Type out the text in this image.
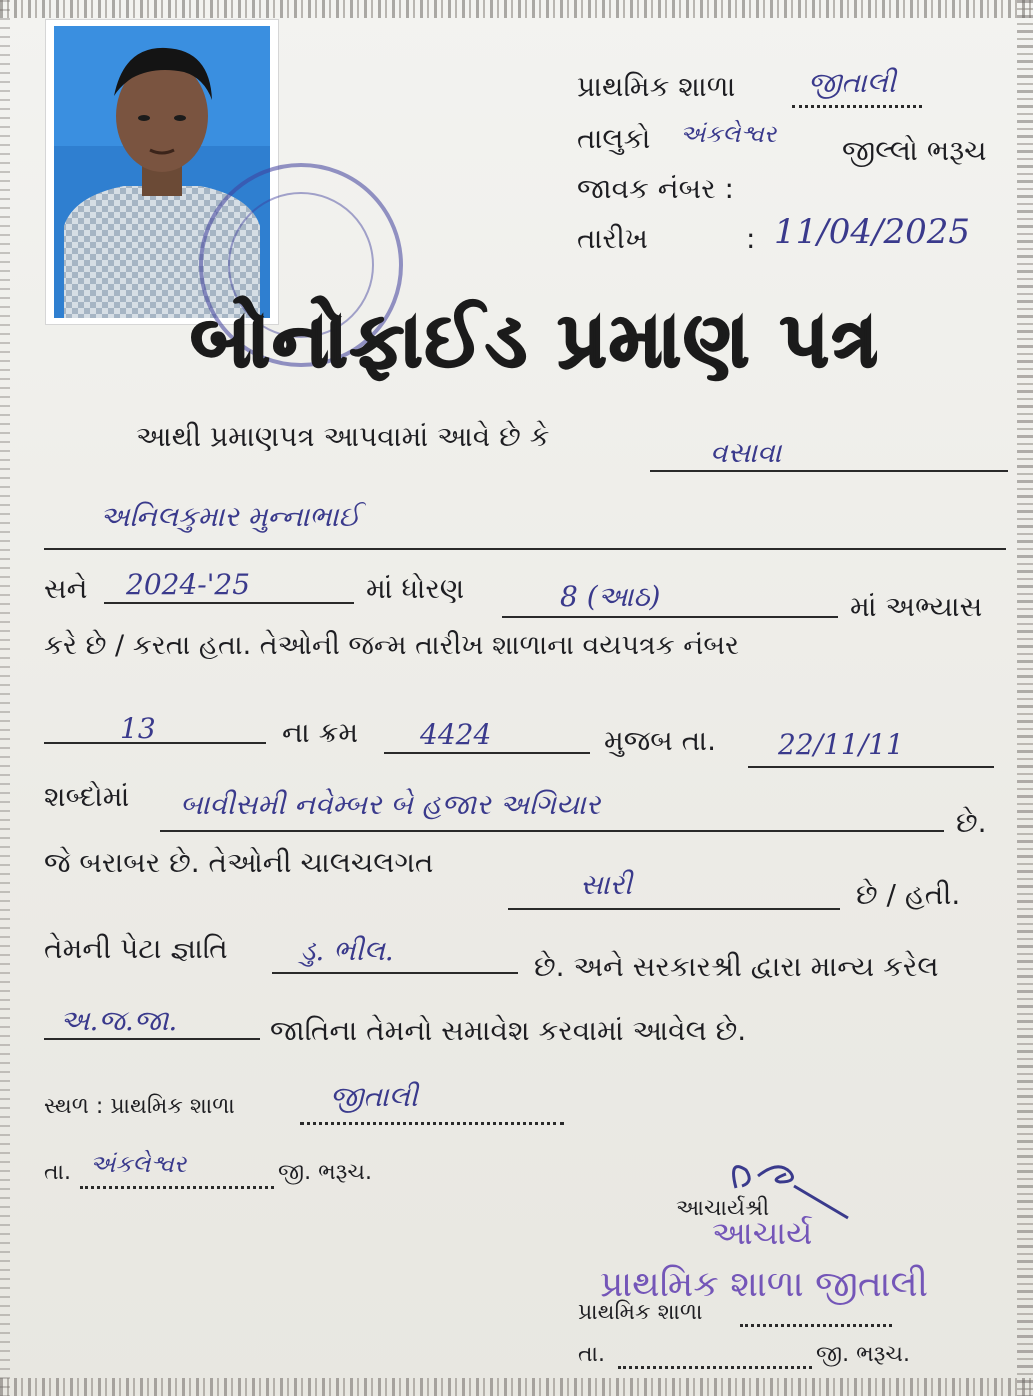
પ્રાથમિક શાળા	જીતાલી
તાલુકો અંકલેશ્વર જીલ્લો ભરૂચ
જાવક નંબર :
તારીખ	: 11/04/2025
બોનોફાઈડ પ્રમાણ પત્ર
આથી પ્રમાણપત્ર આપવામાં આવે છે કે	વસાવા
અનિલકુમાર મુન્નાભાઈ
સને 2024-'25	માં ધોરણ	8 (આઠ)	માં અભ્યાસ
કરે છે / કરતા હતા. તેઓની જન્મ તારીખ શાળાના વયપત્રક નંબર
13	ના ક્રમ 4424	મુજબ તા. 22/11/11
શબ્દોમાં બાવીસમી નવેમ્બર બે હજાર અગિયાર
છે.
જે બરાબર છે. તેઓની ચાલચલગત
સારી	છે / હતી.
તેમની પેટા જ્ઞાતિ	ડુ. ભીલ.	છે. અને સરકારશ્રી દ્વારા માન્ય કરેલ
અ.જ.જા.	જાતિના તેમનો સમાવેશ કરવામાં આવેલ છે.
સ્થળ : પ્રાથમિક શાળા	જીતાલી
તા. અંકલેશ્વર	જી. ભરૂચ.
આચાર્યશ્રી
આચાર્ય
પ્રાથમિક શાળા જીતાલી
પ્રાથમિક શાળા
તા.	જી. ભરૂચ.
